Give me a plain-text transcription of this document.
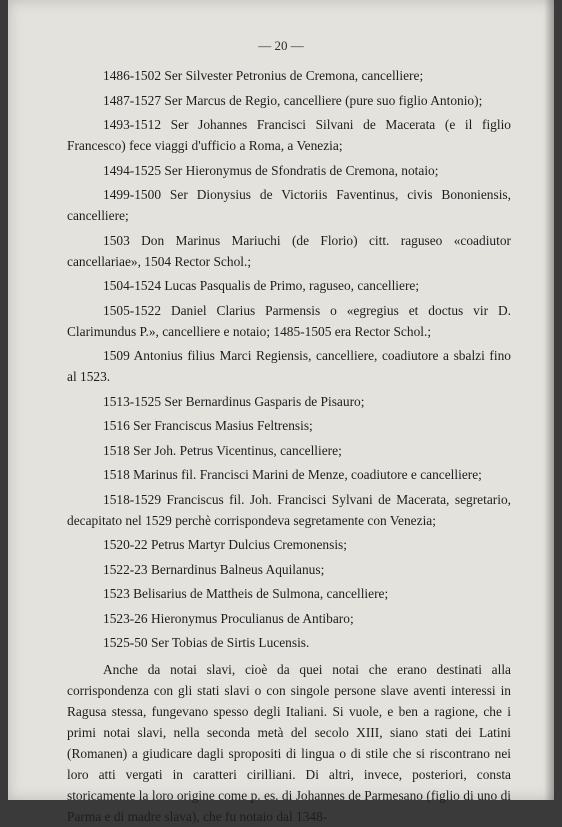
— 20 —

1486-1502 Ser Silvester Petronius de Cremona, cancelliere;

1487-1527 Ser Marcus de Regio, cancelliere (pure suo figlio Antonio);

1493-1512 Ser Johannes Francisci Silvani de Macerata (e il figlio Francesco) fece viaggi d'ufficio a Roma, a Venezia;

1494-1525 Ser Hieronymus de Sfondratis de Cremona, notaio;

1499-1500 Ser Dionysius de Victoriis Faventinus, civis Bononiensis, cancelliere;

1503 Don Marinus Mariuchi (de Florio) citt. raguseo «coadiutor cancellariae», 1504 Rector Schol.;

1504-1524 Lucas Pasqualis de Primo, raguseo, cancelliere;

1505-1522 Daniel Clarius Parmensis o «egregius et doctus vir D. Clarimundus P.», cancelliere e notaio; 1485-1505 era Rector Schol.;

1509 Antonius filius Marci Regiensis, cancelliere, coadiutore a sbalzi fino al 1523.

1513-1525 Ser Bernardinus Gasparis de Pisauro;

1516 Ser Franciscus Masius Feltrensis;

1518 Ser Joh. Petrus Vicentinus, cancelliere;

1518 Marinus fil. Francisci Marini de Menze, coadiutore e cancelliere;

1518-1529 Franciscus fil. Joh. Francisci Sylvani de Macerata, segretario, decapitato nel 1529 perchè corrispondeva segretamente con Venezia;

1520-22 Petrus Martyr Dulcius Cremonensis;

1522-23 Bernardinus Balneus Aquilanus;

1523 Belisarius de Mattheis de Sulmona, cancelliere;

1523-26 Hieronymus Proculianus de Antibaro;

1525-50 Ser Tobias de Sirtis Lucensis.

Anche da notai slavi, cioè da quei notai che erano destinati alla corrispondenza con gli stati slavi o con singole persone slave aventi interessi in Ragusa stessa, fungevano spesso degli Italiani. Si vuole, e ben a ragione, che i primi notai slavi, nella seconda metà del secolo XIII, siano stati dei Latini (Romanen) a giudicare dagli spropositi di lingua o di stile che si riscontrano nei loro atti vergati in caratteri cirilliani. Di altri, invece, posteriori, consta storicamente la loro origine come p. es. di Johannes de Parmesano (figlio di uno di Parma e di madre slava), che fu notaio dal 1348-
